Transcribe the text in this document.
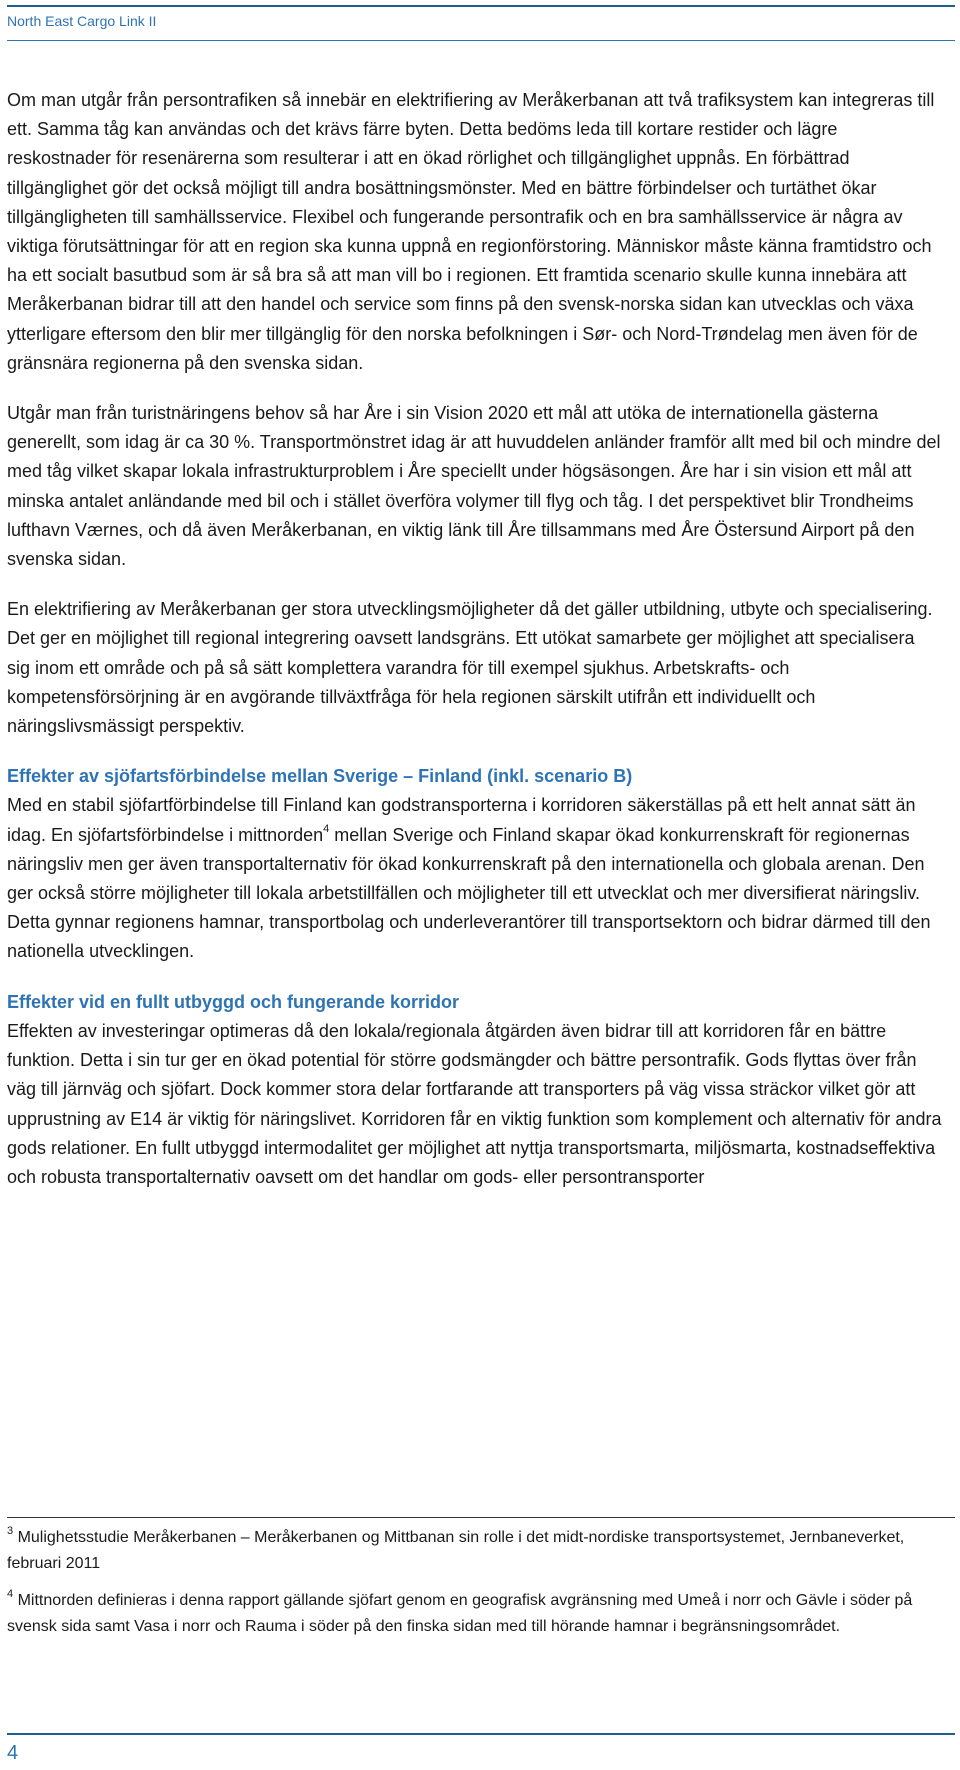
North East Cargo Link II

Om man utgår från persontrafiken så innebär en elektrifiering av Meråkerbanan att två trafiksystem kan integreras till ett. Samma tåg kan användas och det krävs färre byten. Detta bedöms leda till kortare restider och lägre reskostnader för resenärerna som resulterar i att en ökad rörlighet och tillgänglighet uppnås. En förbättrad tillgänglighet gör det också möjligt till andra bosättningsmönster. Med en bättre förbindelser och turtäthet ökar tillgängligheten till samhällsservice. Flexibel och fungerande persontrafik och en bra samhällsservice är några av viktiga förutsättningar för att en region ska kunna uppnå en regionförstoring. Människor måste känna framtidstro och ha ett socialt basutbud som är så bra så att man vill bo i regionen. Ett framtida scenario skulle kunna innebära att Meråkerbanan bidrar till att den handel och service som finns på den svensk-norska sidan kan utvecklas och växa ytterligare eftersom den blir mer tillgänglig för den norska befolkningen i Sør- och Nord-Trøndelag men även för de gränsnära regionerna på den svenska sidan.

Utgår man från turistnäringens behov så har Åre i sin Vision 2020 ett mål att utöka de internationella gästerna generellt, som idag är ca 30 %. Transportmönstret idag är att huvuddelen anländer framför allt med bil och mindre del med tåg vilket skapar lokala infrastrukturproblem i Åre speciellt under högsäsongen. Åre har i sin vision ett mål att minska antalet anländande med bil och i stället överföra volymer till flyg och tåg. I det perspektivet blir Trondheims lufthavn Værnes, och då även Meråkerbanan, en viktig länk till Åre tillsammans med Åre Östersund Airport på den svenska sidan.

En elektrifiering av Meråkerbanan ger stora utvecklingsmöjligheter då det gäller utbildning, utbyte och specialisering. Det ger en möjlighet till regional integrering oavsett landsgräns. Ett utökat samarbete ger möjlighet att specialisera sig inom ett område och på så sätt komplettera varandra för till exempel sjukhus. Arbetskrafts- och kompetensförsörjning är en avgörande tillväxtfråga för hela regionen särskilt utifrån ett individuellt och näringslivsmässigt perspektiv.

Effekter av sjöfartsförbindelse mellan Sverige – Finland (inkl. scenario B)

Med en stabil sjöfartförbindelse till Finland kan godstransporterna i korridoren säkerställas på ett helt annat sätt än idag. En sjöfartsförbindelse i mittnorden$^4$ mellan Sverige och Finland skapar ökad konkurrenskraft för regionernas näringsliv men ger även transportalternativ för ökad konkurrenskraft på den internationella och globala arenan. Den ger också större möjligheter till lokala arbetstillfällen och möjligheter till ett utvecklat och mer diversifierat näringsliv. Detta gynnar regionens hamnar, transportbolag och underleverantörer till transportsektorn och bidrar därmed till den nationella utvecklingen.

Effekter vid en fullt utbyggd och fungerande korridor

Effekten av investeringar optimeras då den lokala/regionala åtgärden även bidrar till att korridoren får en bättre funktion. Detta i sin tur ger en ökad potential för större godsmängder och bättre persontrafik. Gods flyttas över från väg till järnväg och sjöfart. Dock kommer stora delar fortfarande att transporters på väg vissa sträckor vilket gör att upprustning av E14 är viktig för näringslivet. Korridoren får en viktig funktion som komplement och alternativ för andra gods relationer. En fullt utbyggd intermodalitet ger möjlighet att nyttja transportsmarta, miljösmarta, kostnadseffektiva och robusta transportalternativ oavsett om det handlar om gods- eller persontransporter

$^3$ Mulighetsstudie Meråkerbanen – Meråkerbanen og Mittbanan sin rolle i det midt-nordiske transportsystemet, Jernbaneverket, februari 2011

$^4$ Mittnorden definieras i denna rapport gällande sjöfart genom en geografisk avgränsning med Umeå i norr och Gävle i söder på svensk sida samt Vasa i norr och Rauma i söder på den finska sidan med till hörande hamnar i begränsningsområdet.

4
